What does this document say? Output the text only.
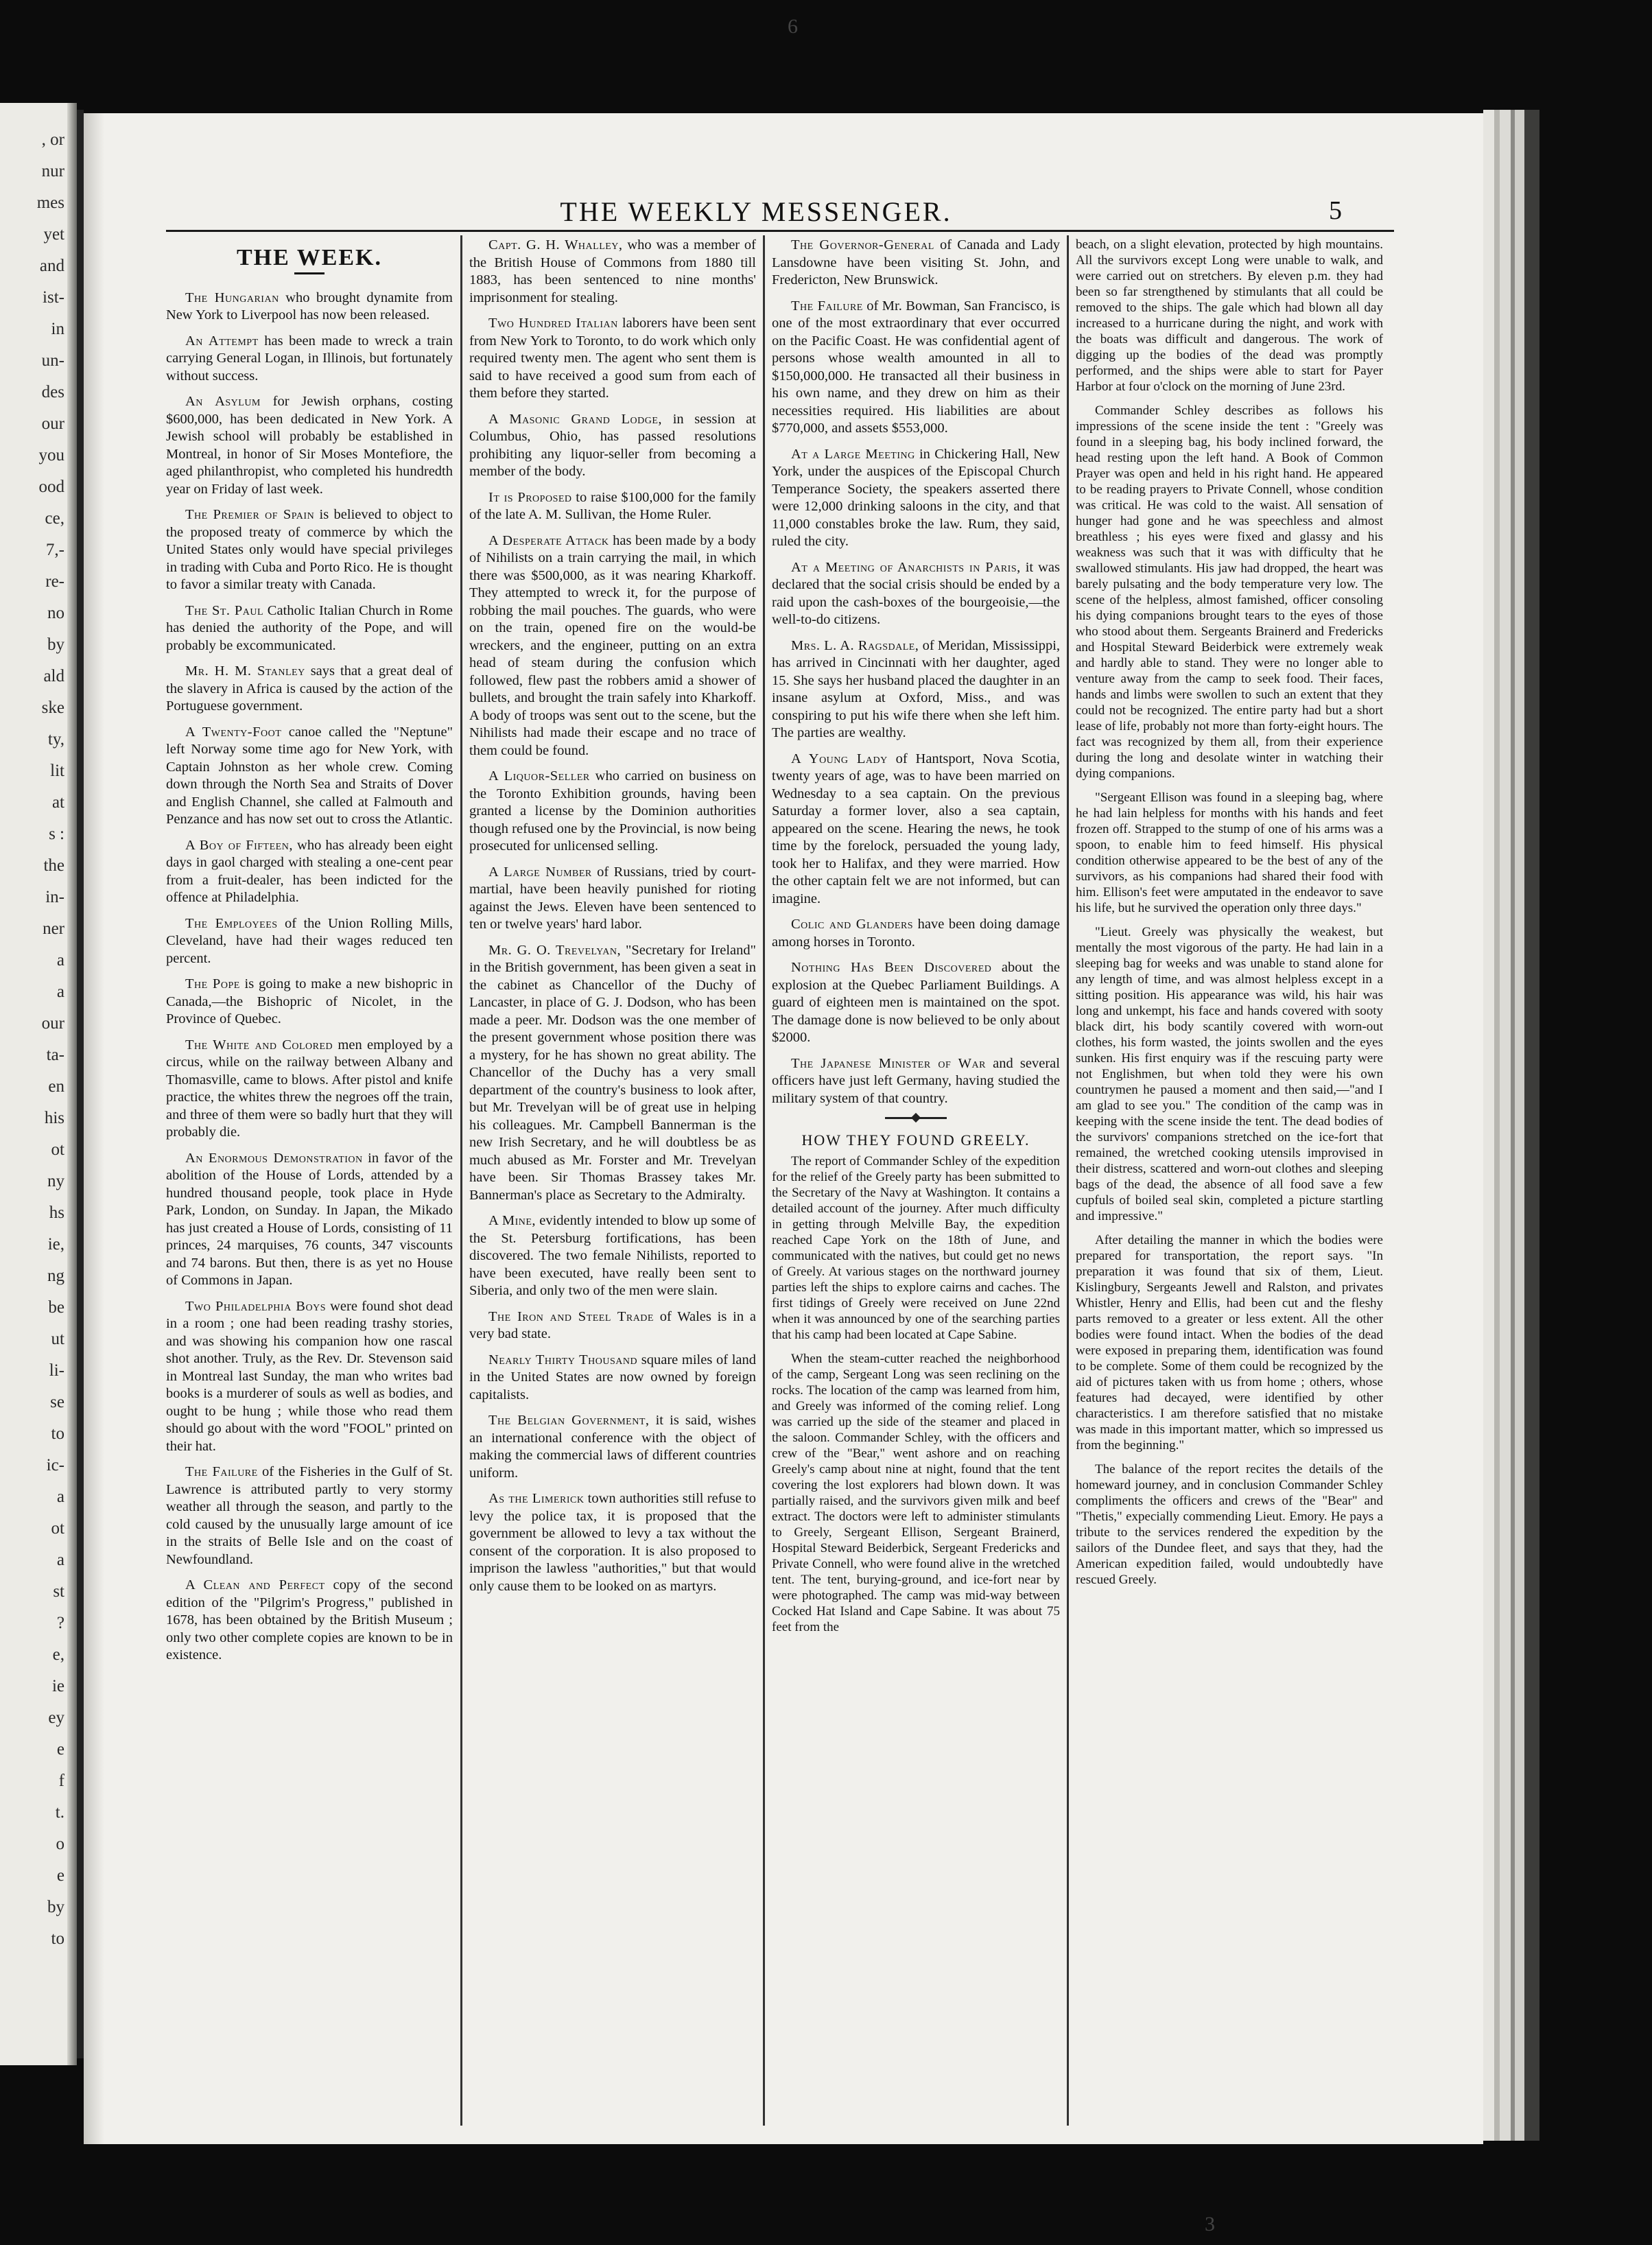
, or
nur
mes
yet
and
ist-
in
un-
des
our
you
ood
ce,
7,-
re-
no
by
ald
ske
ty,
lit
at
s :
the
in-
ner
a
a
our
ta-
en
his
ot
ny
hs
ie,
ng
be
ut
li-
se
to
ic-
a
ot
a
st
?
e,
ie
ey
e
f
t.
o
e
by
to
6
3
THE WEEKLY MESSENGER.	5
THE WEEK.

The Hungarian who brought dynamite from New York to Liverpool has now been released.

An Attempt has been made to wreck a train carrying General Logan, in Illinois, but fortunately without success.

An Asylum for Jewish orphans, costing $600,000, has been dedicated in New York. A Jewish school will probably be established in Montreal, in honor of Sir Moses Montefiore, the aged philanthropist, who completed his hundredth year on Friday of last week.

The Premier of Spain is believed to object to the proposed treaty of commerce by which the United States only would have special privileges in trading with Cuba and Porto Rico. He is thought to favor a similar treaty with Canada.

The St. Paul Catholic Italian Church in Rome has denied the authority of the Pope, and will probably be excommunicated.

Mr. H. M. Stanley says that a great deal of the slavery in Africa is caused by the action of the Portuguese government.

A Twenty-Foot canoe called the "Neptune" left Norway some time ago for New York, with Captain Johnston as her whole crew. Coming down through the North Sea and Straits of Dover and English Channel, she called at Falmouth and Penzance and has now set out to cross the Atlantic.

A Boy of Fifteen, who has already been eight days in gaol charged with stealing a one-cent pear from a fruit-dealer, has been indicted for the offence at Philadelphia.

The Employees of the Union Rolling Mills, Cleveland, have had their wages reduced ten percent.

The Pope is going to make a new bishopric in Canada,—the Bishopric of Nicolet, in the Province of Quebec.

The White and Colored men employed by a circus, while on the railway between Albany and Thomasville, came to blows. After pistol and knife practice, the whites threw the negroes off the train, and three of them were so badly hurt that they will probably die.

An Enormous Demonstration in favor of the abolition of the House of Lords, attended by a hundred thousand people, took place in Hyde Park, London, on Sunday. In Japan, the Mikado has just created a House of Lords, consisting of 11 princes, 24 marquises, 76 counts, 347 viscounts and 74 barons. But then, there is as yet no House of Commons in Japan.

Two Philadelphia Boys were found shot dead in a room ; one had been reading trashy stories, and was showing his companion how one rascal shot another. Truly, as the Rev. Dr. Stevenson said in Montreal last Sunday, the man who writes bad books is a murderer of souls as well as bodies, and ought to be hung ; while those who read them should go about with the word "FOOL" printed on their hat.

The Failure of the Fisheries in the Gulf of St. Lawrence is attributed partly to very stormy weather all through the season, and partly to the cold caused by the unusually large amount of ice in the straits of Belle Isle and on the coast of Newfoundland.

A Clean and Perfect copy of the second edition of the "Pilgrim's Progress," published in 1678, has been obtained by the British Museum ; only two other complete copies are known to be in existence.

Capt. G. H. Whalley, who was a member of the British House of Commons from 1880 till 1883, has been sentenced to nine months' imprisonment for stealing.

Two Hundred Italian laborers have been sent from New York to Toronto, to do work which only required twenty men. The agent who sent them is said to have received a good sum from each of them before they started.

A Masonic Grand Lodge, in session at Columbus, Ohio, has passed resolutions prohibiting any liquor-seller from becoming a member of the body.

It is Proposed to raise $100,000 for the family of the late A. M. Sullivan, the Home Ruler.

A Desperate Attack has been made by a body of Nihilists on a train carrying the mail, in which there was $500,000, as it was nearing Kharkoff. They attempted to wreck it, for the purpose of robbing the mail pouches. The guards, who were on the train, opened fire on the would-be wreckers, and the engineer, putting on an extra head of steam during the confusion which followed, flew past the robbers amid a shower of bullets, and brought the train safely into Kharkoff. A body of troops was sent out to the scene, but the Nihilists had made their escape and no trace of them could be found.

A Liquor-Seller who carried on business on the Toronto Exhibition grounds, having been granted a license by the Dominion authorities though refused one by the Provincial, is now being prosecuted for unlicensed selling.

A Large Number of Russians, tried by court-martial, have been heavily punished for rioting against the Jews. Eleven have been sentenced to ten or twelve years' hard labor.

Mr. G. O. Trevelyan, "Secretary for Ireland" in the British government, has been given a seat in the cabinet as Chancellor of the Duchy of Lancaster, in place of G. J. Dodson, who has been made a peer. Mr. Dodson was the one member of the present government whose position there was a mystery, for he has shown no great ability. The Chancellor of the Duchy has a very small department of the country's business to look after, but Mr. Trevelyan will be of great use in helping his colleagues. Mr. Campbell Bannerman is the new Irish Secretary, and he will doubtless be as much abused as Mr. Forster and Mr. Trevelyan have been. Sir Thomas Brassey takes Mr. Bannerman's place as Secretary to the Admiralty.

A Mine, evidently intended to blow up some of the St. Petersburg fortifications, has been discovered. The two female Nihilists, reported to have been executed, have really been sent to Siberia, and only two of the men were slain.

The Iron and Steel Trade of Wales is in a very bad state.

Nearly Thirty Thousand square miles of land in the United States are now owned by foreign capitalists.

The Belgian Government, it is said, wishes an international conference with the object of making the commercial laws of different countries uniform.

As the Limerick town authorities still refuse to levy the police tax, it is proposed that the government be allowed to levy a tax without the consent of the corporation. It is also proposed to imprison the lawless "authorities," but that would only cause them to be looked on as martyrs.

The Governor-General of Canada and Lady Lansdowne have been visiting St. John, and Fredericton, New Brunswick.

The Failure of Mr. Bowman, San Francisco, is one of the most extraordinary that ever occurred on the Pacific Coast. He was confidential agent of persons whose wealth amounted in all to $150,000,000. He transacted all their business in his own name, and they drew on him as their necessities required. His liabilities are about $770,000, and assets $553,000.

At a Large Meeting in Chickering Hall, New York, under the auspices of the Episcopal Church Temperance Society, the speakers asserted there were 12,000 drinking saloons in the city, and that 11,000 constables broke the law. Rum, they said, ruled the city.

At a Meeting of Anarchists in Paris, it was declared that the social crisis should be ended by a raid upon the cash-boxes of the bourgeoisie,—the well-to-do citizens.

Mrs. L. A. Ragsdale, of Meridan, Mississippi, has arrived in Cincinnati with her daughter, aged 15. She says her husband placed the daughter in an insane asylum at Oxford, Miss., and was conspiring to put his wife there when she left him. The parties are wealthy.

A Young Lady of Hantsport, Nova Scotia, twenty years of age, was to have been married on Wednesday to a sea captain. On the previous Saturday a former lover, also a sea captain, appeared on the scene. Hearing the news, he took time by the forelock, persuaded the young lady, took her to Halifax, and they were married. How the other captain felt we are not informed, but can imagine.

Colic and Glanders have been doing damage among horses in Toronto.

Nothing Has Been Discovered about the explosion at the Quebec Parliament Buildings. A guard of eighteen men is maintained on the spot. The damage done is now believed to be only about $2000.

The Japanese Minister of War and several officers have just left Germany, having studied the military system of that country.

HOW THEY FOUND GREELY.

The report of Commander Schley of the expedition for the relief of the Greely party has been submitted to the Secretary of the Navy at Washington. It contains a detailed account of the journey. After much difficulty in getting through Melville Bay, the expedition reached Cape York on the 18th of June, and communicated with the natives, but could get no news of Greely. At various stages on the northward journey parties left the ships to explore cairns and caches. The first tidings of Greely were received on June 22nd when it was announced by one of the searching parties that his camp had been located at Cape Sabine.

When the steam-cutter reached the neighborhood of the camp, Sergeant Long was seen reclining on the rocks. The location of the camp was learned from him, and Greely was informed of the coming relief. Long was carried up the side of the steamer and placed in the saloon. Commander Schley, with the officers and crew of the "Bear," went ashore and on reaching Greely's camp about nine at night, found that the tent covering the lost explorers had blown down. It was partially raised, and the survivors given milk and beef extract. The doctors were left to administer stimulants to Greely, Sergeant Ellison, Sergeant Brainerd, Hospital Steward Beiderbick, Sergeant Fredericks and Private Connell, who were found alive in the wretched tent. The tent, burying-ground, and ice-fort near by were photographed. The camp was mid-way between Cocked Hat Island and Cape Sabine. It was about 75 feet from the

beach, on a slight elevation, protected by high mountains. All the survivors except Long were unable to walk, and were carried out on stretchers. By eleven p.m. they had been so far strengthened by stimulants that all could be removed to the ships. The gale which had blown all day increased to a hurricane during the night, and work with the boats was difficult and dangerous. The work of digging up the bodies of the dead was promptly performed, and the ships were able to start for Payer Harbor at four o'clock on the morning of June 23rd.

Commander Schley describes as follows his impressions of the scene inside the tent : "Greely was found in a sleeping bag, his body inclined forward, the head resting upon the left hand. A Book of Common Prayer was open and held in his right hand. He appeared to be reading prayers to Private Connell, whose condition was critical. He was cold to the waist. All sensation of hunger had gone and he was speechless and almost breathless ; his eyes were fixed and glassy and his weakness was such that it was with difficulty that he swallowed stimulants. His jaw had dropped, the heart was barely pulsating and the body temperature very low. The scene of the helpless, almost famished, officer consoling his dying companions brought tears to the eyes of those who stood about them. Sergeants Brainerd and Fredericks and Hospital Steward Beiderbick were extremely weak and hardly able to stand. They were no longer able to venture away from the camp to seek food. Their faces, hands and limbs were swollen to such an extent that they could not be recognized. The entire party had but a short lease of life, probably not more than forty-eight hours. The fact was recognized by them all, from their experience during the long and desolate winter in watching their dying companions.

"Sergeant Ellison was found in a sleeping bag, where he had lain helpless for months with his hands and feet frozen off. Strapped to the stump of one of his arms was a spoon, to enable him to feed himself. His physical condition otherwise appeared to be the best of any of the survivors, as his companions had shared their food with him. Ellison's feet were amputated in the endeavor to save his life, but he survived the operation only three days."

"Lieut. Greely was physically the weakest, but mentally the most vigorous of the party. He had lain in a sleeping bag for weeks and was unable to stand alone for any length of time, and was almost helpless except in a sitting position. His appearance was wild, his hair was long and unkempt, his face and hands covered with sooty black dirt, his body scantily covered with worn-out clothes, his form wasted, the joints swollen and the eyes sunken. His first enquiry was if the rescuing party were not Englishmen, but when told they were his own countrymen he paused a moment and then said,—"and I am glad to see you." The condition of the camp was in keeping with the scene inside the tent. The dead bodies of the survivors' companions stretched on the ice-fort that remained, the wretched cooking utensils improvised in their distress, scattered and worn-out clothes and sleeping bags of the dead, the absence of all food save a few cupfuls of boiled seal skin, completed a picture startling and impressive."

After detailing the manner in which the bodies were prepared for transportation, the report says. "In preparation it was found that six of them, Lieut. Kislingbury, Sergeants Jewell and Ralston, and privates Whistler, Henry and Ellis, had been cut and the fleshy parts removed to a greater or less extent. All the other bodies were found intact. When the bodies of the dead were exposed in preparing them, identification was found to be complete. Some of them could be recognized by the aid of pictures taken with us from home ; others, whose features had decayed, were identified by other characteristics. I am therefore satisfied that no mistake was made in this important matter, which so impressed us from the beginning."

The balance of the report recites the details of the homeward journey, and in conclusion Commander Schley compliments the officers and crews of the "Bear" and "Thetis," expecially commending Lieut. Emory. He pays a tribute to the services rendered the expedition by the sailors of the Dundee fleet, and says that they, had the American expedition failed, would undoubtedly have rescued Greely.
